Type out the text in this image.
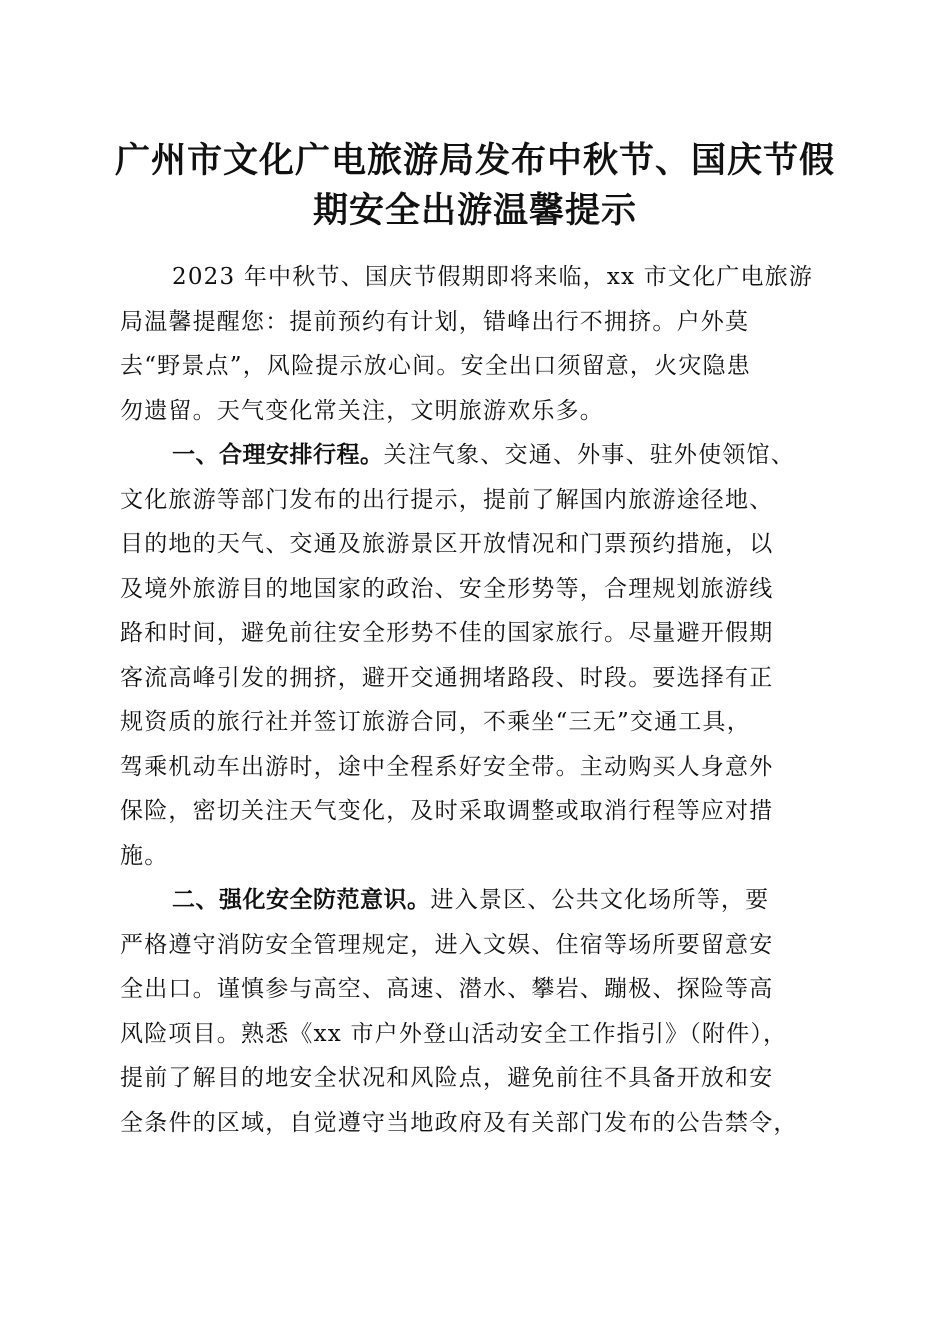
广州市文化广电旅游局发布中秋节、国庆节假
期安全出游温馨提示

2023 年中秋节、国庆节假期即将来临，xx 市文化广电旅游
局温馨提醒您：提前预约有计划，错峰出行不拥挤。户外莫
去“野景点”，风险提示放心间。安全出口须留意，火灾隐患
勿遗留。天气变化常关注，文明旅游欢乐多。

一、合理安排行程。关注气象、交通、外事、驻外使领馆、
文化旅游等部门发布的出行提示，提前了解国内旅游途径地、
目的地的天气、交通及旅游景区开放情况和门票预约措施，以
及境外旅游目的地国家的政治、安全形势等，合理规划旅游线
路和时间，避免前往安全形势不佳的国家旅行。尽量避开假期
客流高峰引发的拥挤，避开交通拥堵路段、时段。要选择有正
规资质的旅行社并签订旅游合同，不乘坐“三无”交通工具，
驾乘机动车出游时，途中全程系好安全带。主动购买人身意外
保险，密切关注天气变化，及时采取调整或取消行程等应对措
施。

二、强化安全防范意识。进入景区、公共文化场所等，要
严格遵守消防安全管理规定，进入文娱、住宿等场所要留意安
全出口。谨慎参与高空、高速、潜水、攀岩、蹦极、探险等高
风险项目。熟悉《xx 市户外登山活动安全工作指引》（附件），
提前了解目的地安全状况和风险点，避免前往不具备开放和安
全条件的区域，自觉遵守当地政府及有关部门发布的公告禁令，
